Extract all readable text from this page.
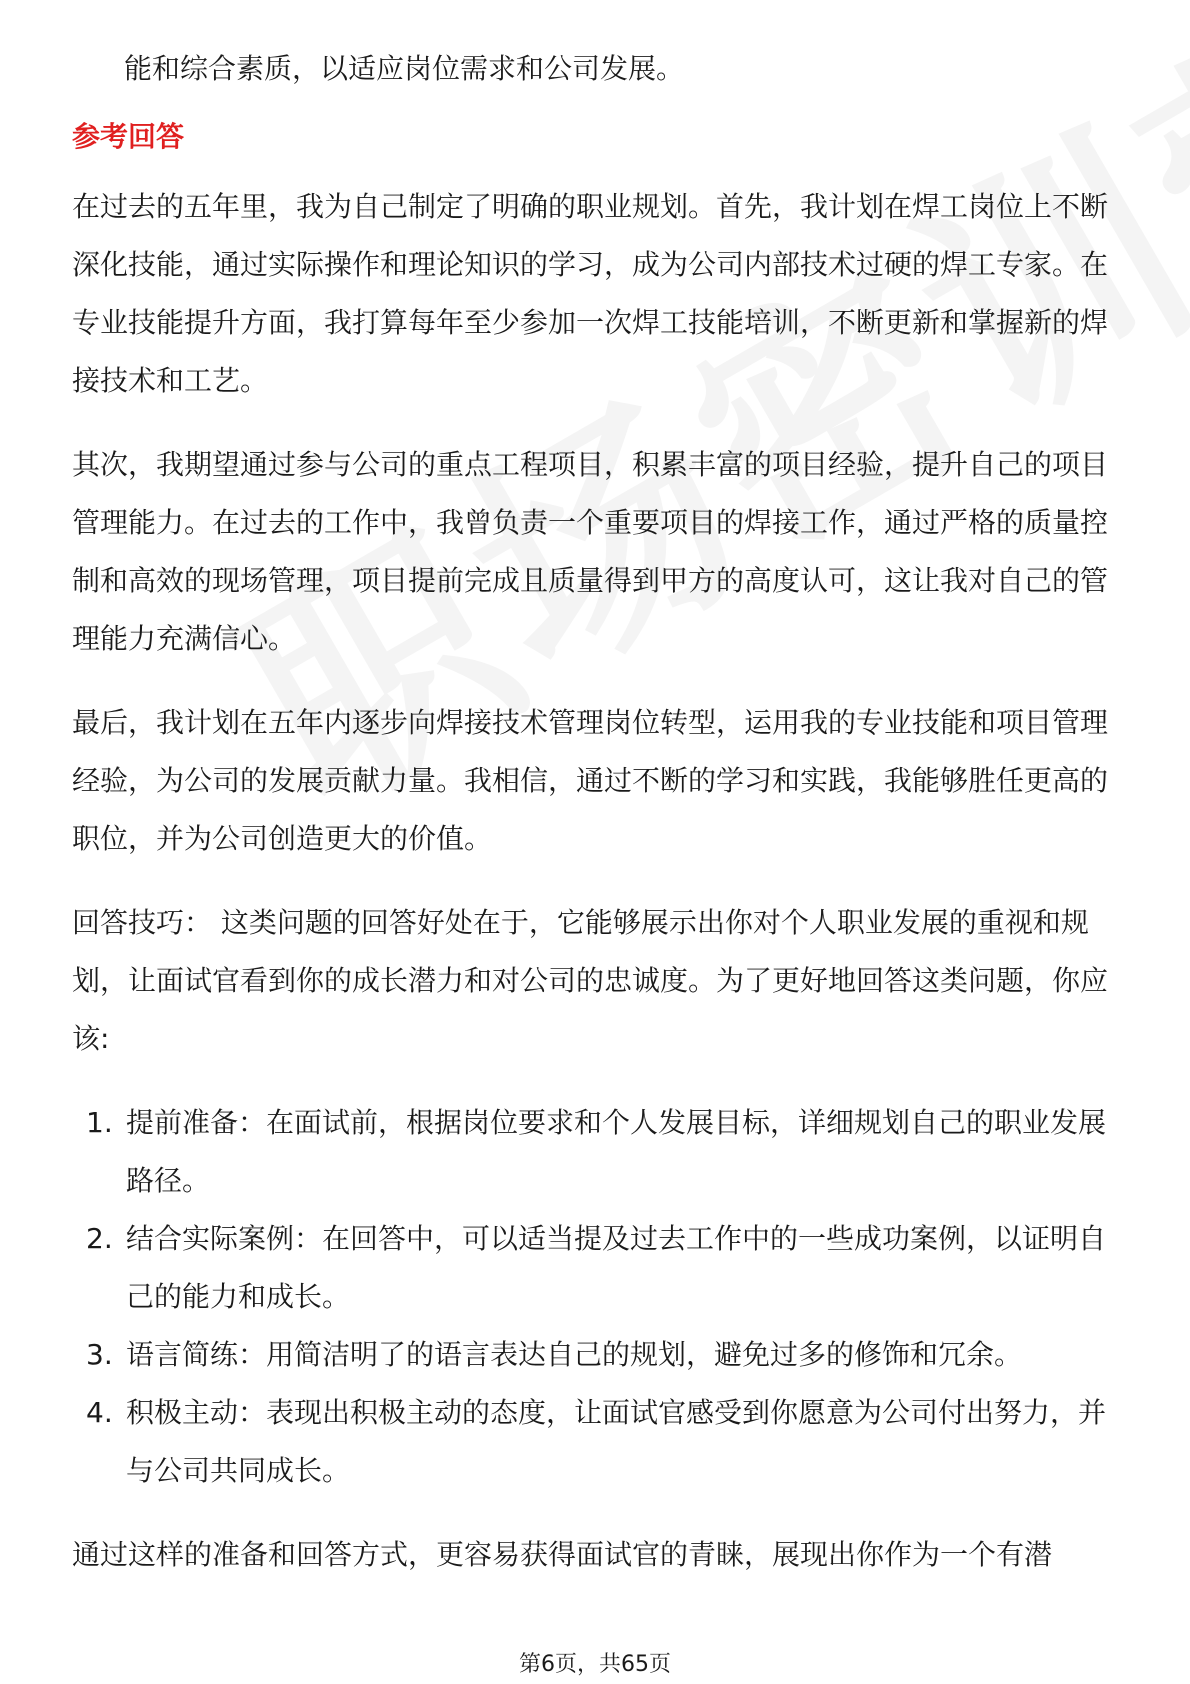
能和综合素质，以适应岗位需求和公司发展。

参考回答

在过去的五年里，我为自己制定了明确的职业规划。首先，我计划在焊工岗位上不断深化技能，通过实际操作和理论知识的学习，成为公司内部技术过硬的焊工专家。在专业技能提升方面，我打算每年至少参加一次焊工技能培训，不断更新和掌握新的焊接技术和工艺。

其次，我期望通过参与公司的重点工程项目，积累丰富的项目经验，提升自己的项目管理能力。在过去的工作中，我曾负责一个重要项目的焊接工作，通过严格的质量控制和高效的现场管理，项目提前完成且质量得到甲方的高度认可，这让我对自己的管理能力充满信心。

最后，我计划在五年内逐步向焊接技术管理岗位转型，运用我的专业技能和项目管理经验，为公司的发展贡献力量。我相信，通过不断的学习和实践，我能够胜任更高的职位，并为公司创造更大的价值。

回答技巧： 这类问题的回答好处在于，它能够展示出你对个人职业发展的重视和规划，让面试官看到你的成长潜力和对公司的忠诚度。为了更好地回答这类问题，你应该:

1. 提前准备：在面试前，根据岗位要求和个人发展目标，详细规划自己的职业发展路径。
2. 结合实际案例：在回答中，可以适当提及过去工作中的一些成功案例，以证明自己的能力和成长。
3. 语言简练：用简洁明了的语言表达自己的规划，避免过多的修饰和冗余。
4. 积极主动：表现出积极主动的态度，让面试官感受到你愿意为公司付出努力，并与公司共同成长。

通过这样的准备和回答方式，更容易获得面试官的青睐，展现出你作为一个有潜

第6页，共65页
